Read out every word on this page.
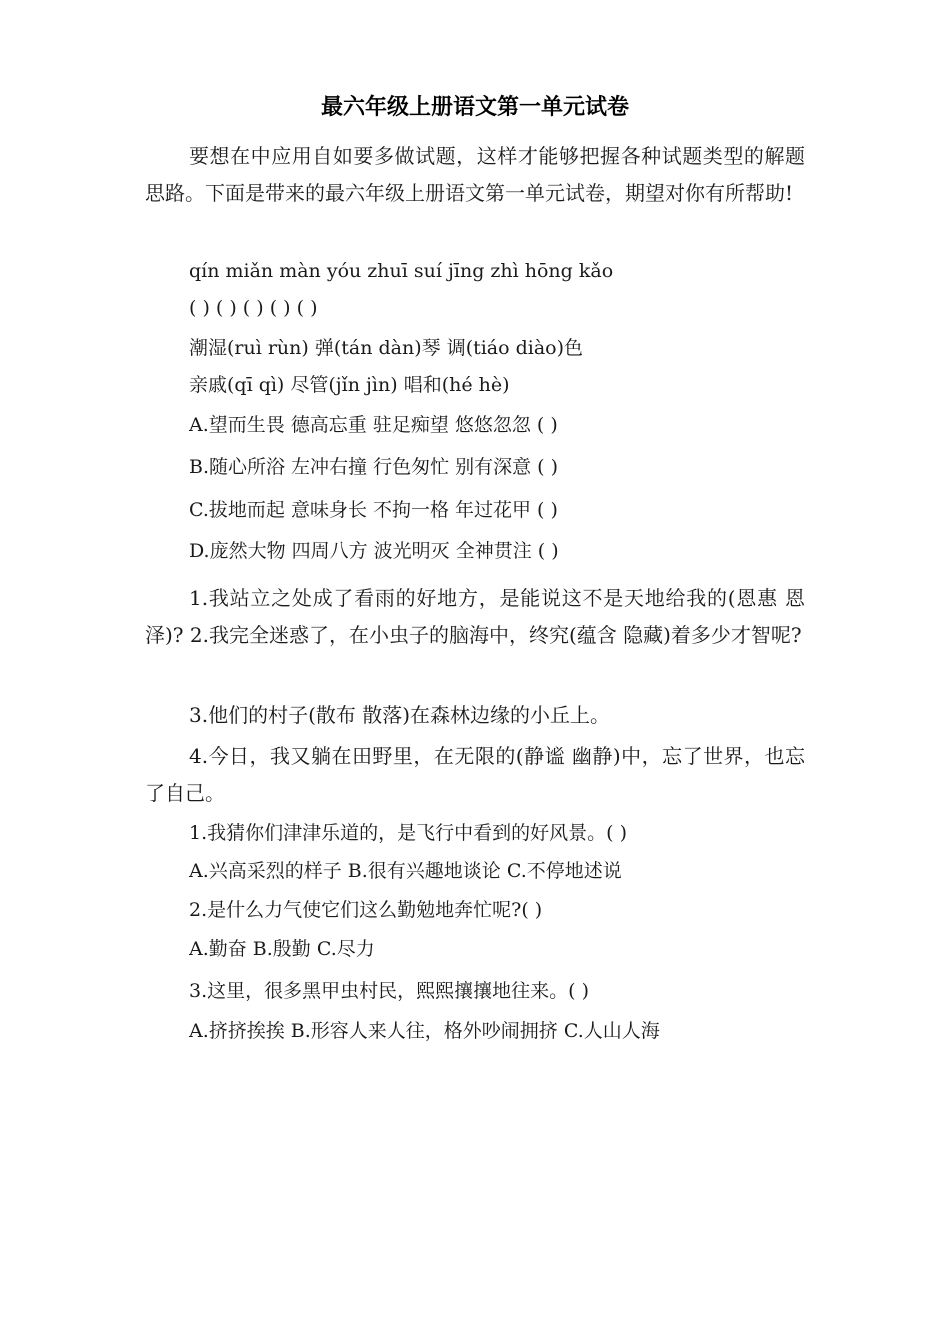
最六年级上册语文第一单元试卷
要想在中应用自如要多做试题，这样才能够把握各种试题类型的解题思路。下面是带来的最六年级上册语文第一单元试卷，期望对你有所帮助!
qín miǎn màn yóu zhuī suí jīng zhì hōng kǎo
( ) ( ) ( ) ( ) ( )
潮湿(ruì rùn) 弹(tán dàn)琴 调(tiáo diào)色
亲戚(qī qì) 尽管(jǐn jìn) 唱和(hé hè)
A.望而生畏 德高忘重 驻足痴望 悠悠忽忽 ( )
B.随心所浴 左冲右撞 行色匆忙 别有深意 ( )
C.拔地而起 意味身长 不拘一格 年过花甲 ( )
D.庞然大物 四周八方 波光明灭 全神贯注 ( )
1.我站立之处成了看雨的好地方，是能说这不是天地给我的(恩惠 恩泽)? 2.我完全迷惑了，在小虫子的脑海中，终究(蕴含 隐藏)着多少才智呢?
3.他们的村子(散布 散落)在森林边缘的小丘上。
4.今日，我又躺在田野里，在无限的(静谧 幽静)中，忘了世界，也忘了自己。
1.我猜你们津津乐道的，是飞行中看到的好风景。( )
A.兴高采烈的样子 B.很有兴趣地谈论 C.不停地述说
2.是什么力气使它们这么勤勉地奔忙呢?( )
A.勤奋 B.殷勤 C.尽力
3.这里，很多黑甲虫村民，熙熙攘攘地往来。( )
A.挤挤挨挨 B.形容人来人往，格外吵闹拥挤 C.人山人海
